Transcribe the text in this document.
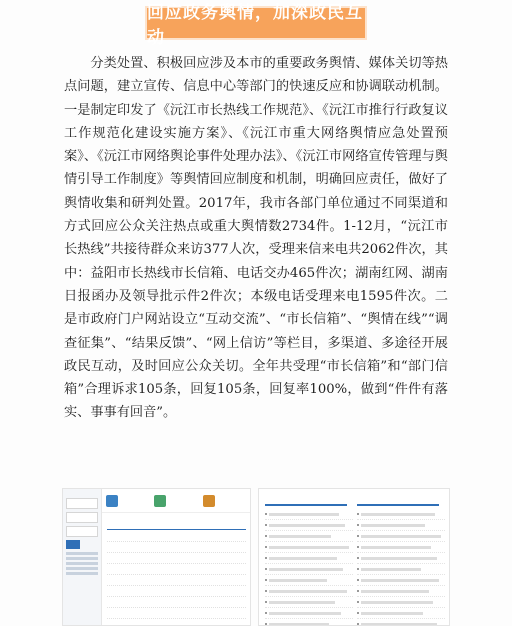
回应政务舆情，加深政民互动

分类处置、积极回应涉及本市的重要政务舆情、媒体关切等热点问题，建立宣传、信息中心等部门的快速反应和协调联动机制。一是制定印发了《沅江市长热线工作规范》、《沅江市推行行政复议工作规范化建设实施方案》、《沅江市重大网络舆情应急处置预案》、《沅江市网络舆论事件处理办法》、《沅江市网络宣传管理与舆情引导工作制度》等舆情回应制度和机制，明确回应责任，做好了舆情收集和研判处置。2017年，我市各部门单位通过不同渠道和方式回应公众关注热点或重大舆情数2734件。1-12月，“沅江市长热线”共接待群众来访377人次，受理来信来电共2062件次，其中：益阳市长热线市长信箱、电话交办465件次；湖南红网、湖南日报函办及领导批示件2件次；本级电话受理来电1595件次。二是市政府门户网站设立“互动交流”、“市长信箱”、“舆情在线”“调查征集”、“结果反馈”、“网上信访”等栏目，多渠道、多途径开展政民互动，及时回应公众关切。全年共受理“市长信箱”和“部门信箱”合理诉求105条，回复105条，回复率100%，做到“件件有落实、事事有回音”。
